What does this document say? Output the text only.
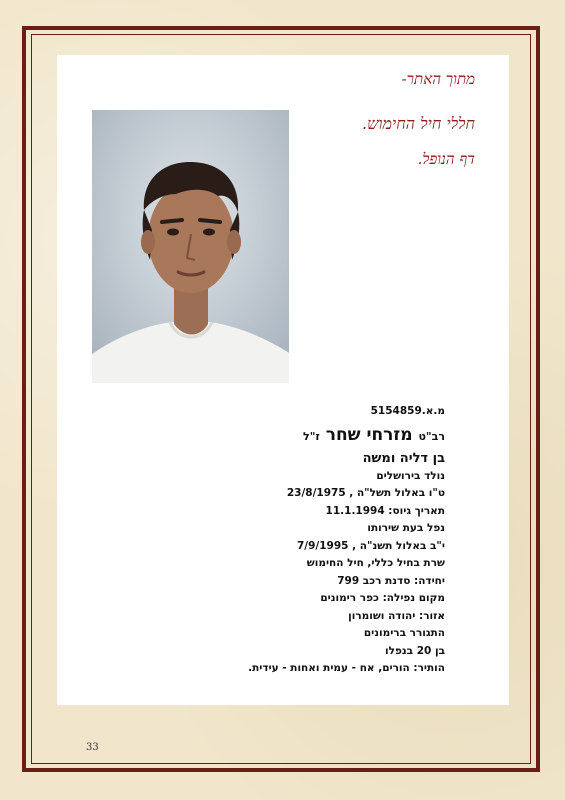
מתוך האתר-
חללי חיל החימוש.
דף הנופל.
מ.א.5154859
רב"ט מזרחי שחר ז"ל
בן דליה ומשה
נולד בירושלים
ט"ו באלול תשל"ה , 23/8/1975
תאריך גיוס: 11.1.1994
נפל בעת שירותו
י"ב באלול תשנ"ה , 7/9/1995
שרת בחיל כללי, חיל החימוש
יחידה: סדנת רכב 799
מקום נפילה: כפר רימונים
אזור: יהודה ושומרון
התגורר ברימונים
בן 20 בנפלו
הותיר: הורים, אח - עמית ואחות - עידית.
33
